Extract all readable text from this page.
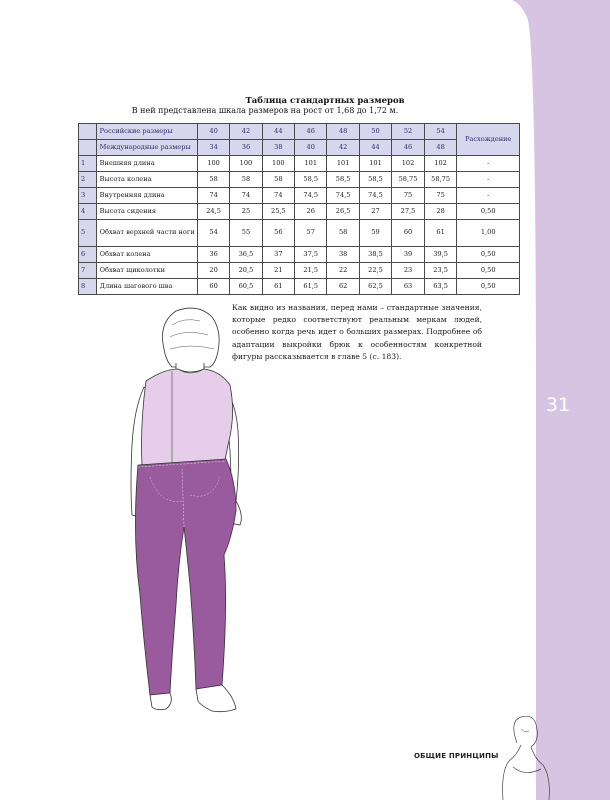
Таблица стандартных размеров
В ней представлена шкала размеров на рост от 1,68 до 1,72 м.
	Российские размеры	40	42	44	46	48	50	52	54	Расхождение
	Международные размеры	34	36	38	40	42	44	46	48	
1	Внешняя длина	100	100	100	101	101	101	102	102	-
2	Высота колена	58	58	58	58,5	58,5	58,5	58,75	58,75	-
3	Внутренняя длина	74	74	74	74,5	74,5	74,5	75	75	-
4	Высота сидения	24,5	25	25,5	26	26,5	27	27,5	28	0,50
5	Обхват верхней части ноги	54	55	56	57	58	59	60	61	1,00
6	Обхват колена	36	36,5	37	37,5	38	38,5	39	39,5	0,50
7	Обхват щиколотки	20	20,5	21	21,5	22	22,5	23	23,5	0,50
8	Длина шагового шва	60	60,5	61	61,5	62	62,5	63	63,5	0,50
Как видно из названия, перед нами – стандартные значения, которые редко соответствуют реальным меркам людей, особенно когда речь идет о больших размерах. Подробнее об адаптации выкройки брюк к особенностям конкретной фигуры рассказывается в главе 5 (с. 183).
31
ОБЩИЕ ПРИНЦИПЫ
